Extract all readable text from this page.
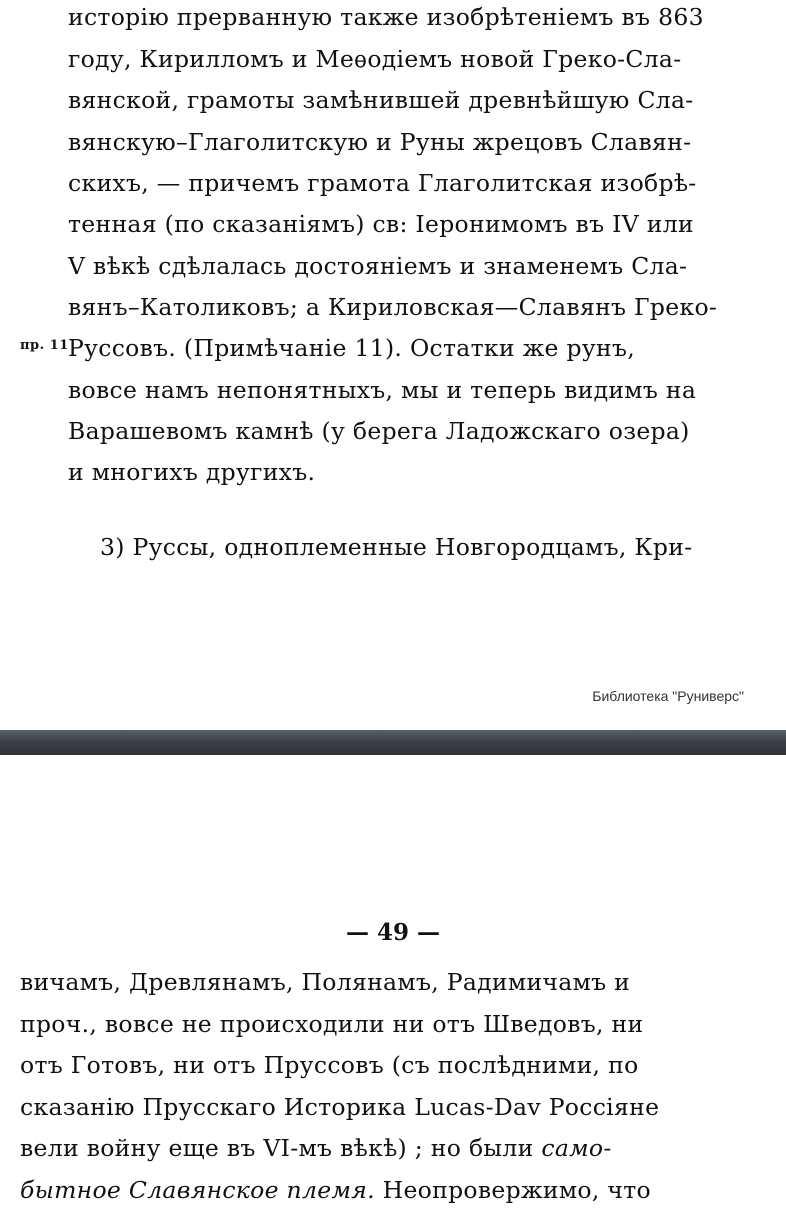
исторію прерванную также изобрѣтеніемъ въ 863
году, Кирилломъ и Меѳодіемъ новой Греко-Сла-
вянской, грамоты замѣнившей древнѣйшую Сла-
вянскую–Глаголитскую и Руны жрецовъ Славян-
скихъ, — причемъ грамота Глаголитская изобрѣ-
тенная (по сказаніямъ) св: Іеронимомъ въ IV или
V вѣкѣ сдѣлалась достояніемъ и знаменемъ Сла-
вянъ–Католиковъ; а Кириловская—Славянъ Греко-
пр. 11 Руссовъ. (Примѣчаніе 11). Остатки же рунъ,
вовсе намъ непонятныхъ, мы и теперь видимъ на
Варашевомъ камнѣ (у берега Ладожскаго озера)
и многихъ другихъ.
3) Руссы, одноплеменные Новгородцамъ, Кри-
Библиотека "Руниверс"
— 49 —
вичамъ, Древлянамъ, Полянамъ, Радимичамъ и
проч., вовсе не происходили ни отъ Шведовъ, ни
отъ Готовъ, ни отъ Пруссовъ (съ послѣдними, по
сказанію Прусскаго Историка Lucas-Dav Россіяне
вели войну еще въ VI-мъ вѣкѣ) ; но были само-
бытное Славянское племя. Неопровержимо, что
